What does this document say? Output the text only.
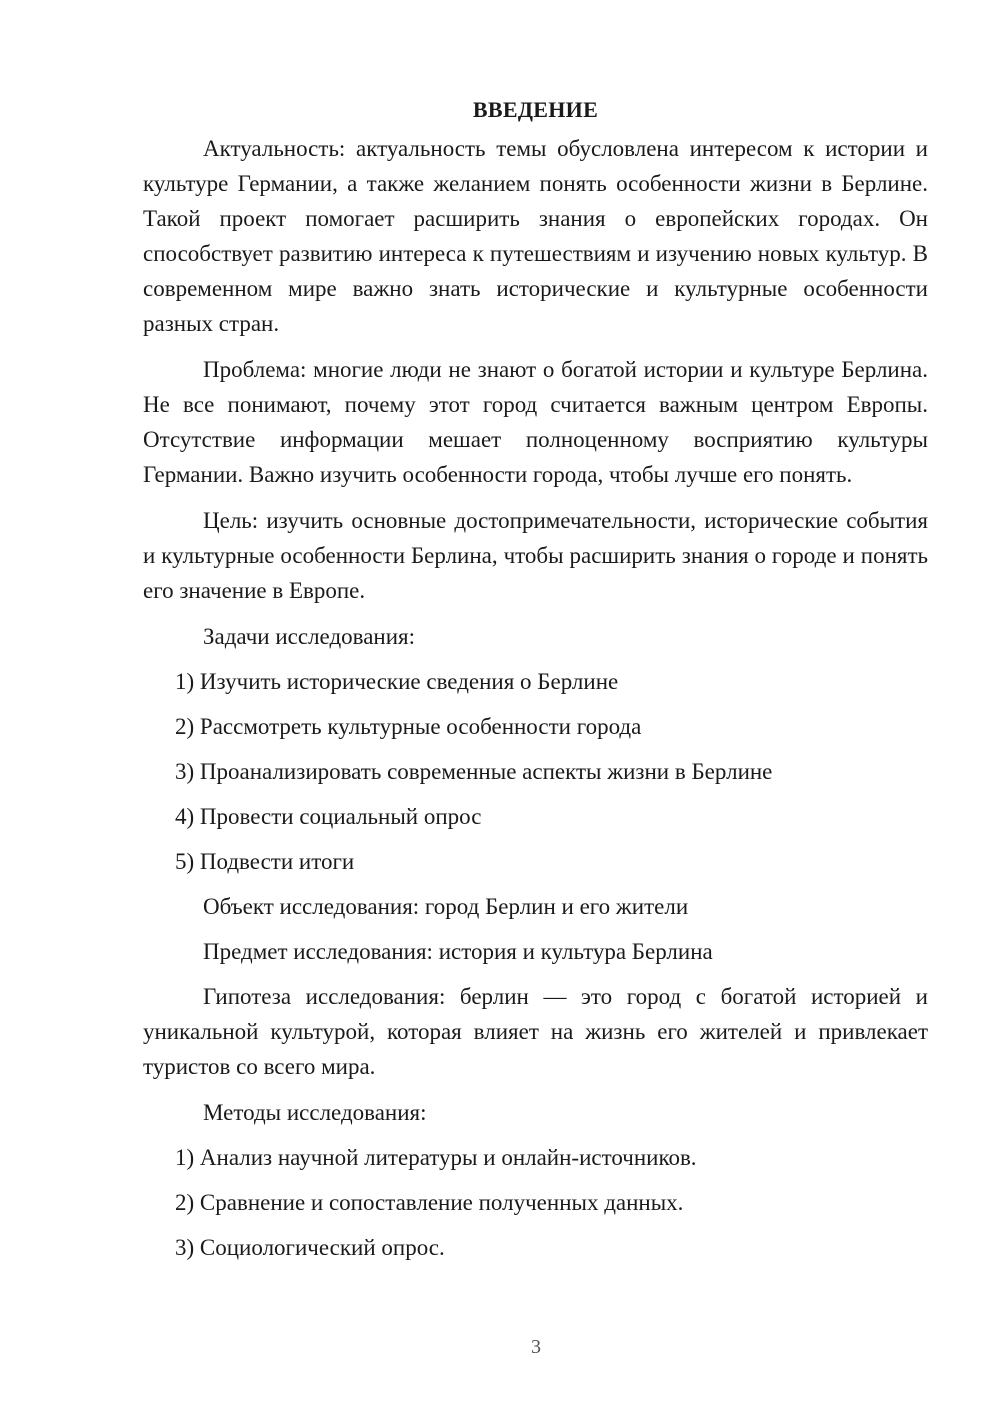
ВВЕДЕНИЕ

Актуальность: актуальность темы обусловлена интересом к истории и культуре Германии, а также желанием понять особенности жизни в Берлине. Такой проект помогает расширить знания о европейских городах. Он способствует развитию интереса к путешествиям и изучению новых культур. В современном мире важно знать исторические и культурные особенности разных стран.

Проблема: многие люди не знают о богатой истории и культуре Берлина. Не все понимают, почему этот город считается важным центром Европы. Отсутствие информации мешает полноценному восприятию культуры Германии. Важно изучить особенности города, чтобы лучше его понять.

Цель: изучить основные достопримечательности, исторические события и культурные особенности Берлина, чтобы расширить знания о городе и понять его значение в Европе.

Задачи исследования:
1) Изучить исторические сведения о Берлине
2) Рассмотреть культурные особенности города
3) Проанализировать современные аспекты жизни в Берлине
4) Провести социальный опрос
5) Подвести итоги
Объект исследования: город Берлин и его жители
Предмет исследования: история и культура Берлина

Гипотеза исследования: берлин — это город с богатой историей и уникальной культурой, которая влияет на жизнь его жителей и привлекает туристов со всего мира.

Методы исследования:
1) Анализ научной литературы и онлайн-источников.
2) Сравнение и сопоставление полученных данных.
3) Социологический опрос.
3
